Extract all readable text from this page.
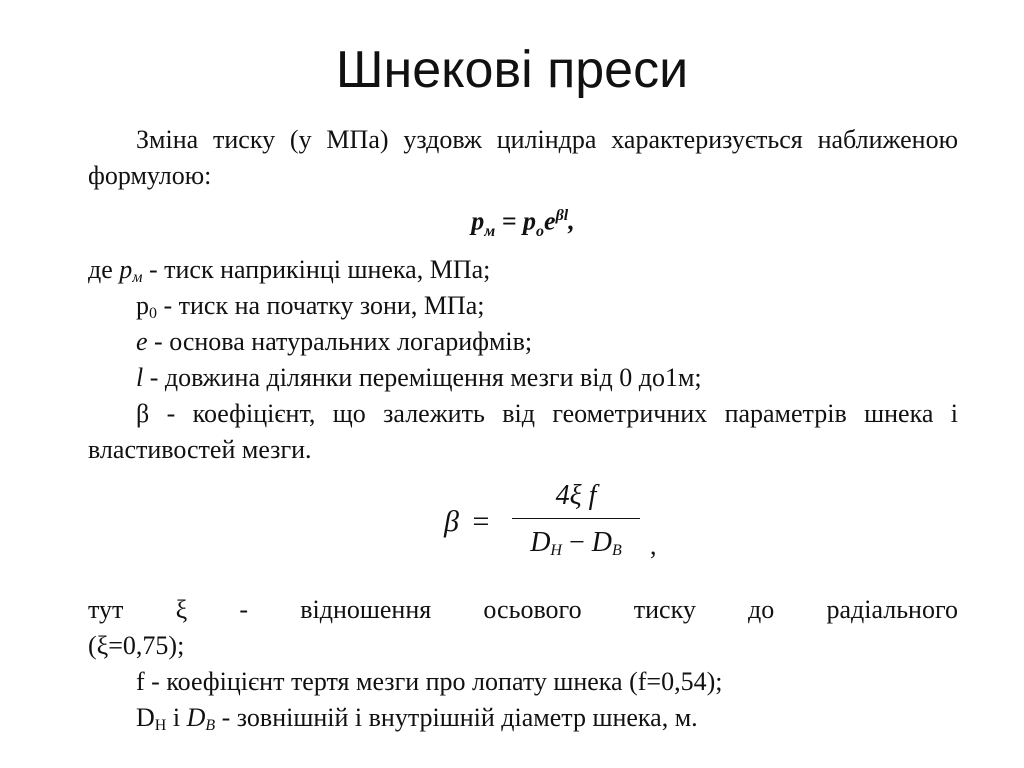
Шнекові преси

Зміна тиску (у МПа) уздовж циліндра характеризується наближеною формулою:

$p_м = p_oe^{\beta l}$,

де $p_м$ - тиск наприкінці шнека, МПа;

$р_0$ - тиск на початку зони, МПа;

e - основа натуральних логарифмів;

l - довжина ділянки переміщення мезги від 0 до1м;

β - коефіцієнт, що залежить від геометричних параметрів шнека і властивостей мезги.

β =
4ξ f
$D_H - D_B$	,
тут ξ - відношення осьового тиску до радіального

(ξ=0,75);

f - коефіцієнт тертя мезги про лопату шнека (f=0,54);

$D_Н$ і $D_В$ - зовнішній і внутрішній діаметр шнека, м.
